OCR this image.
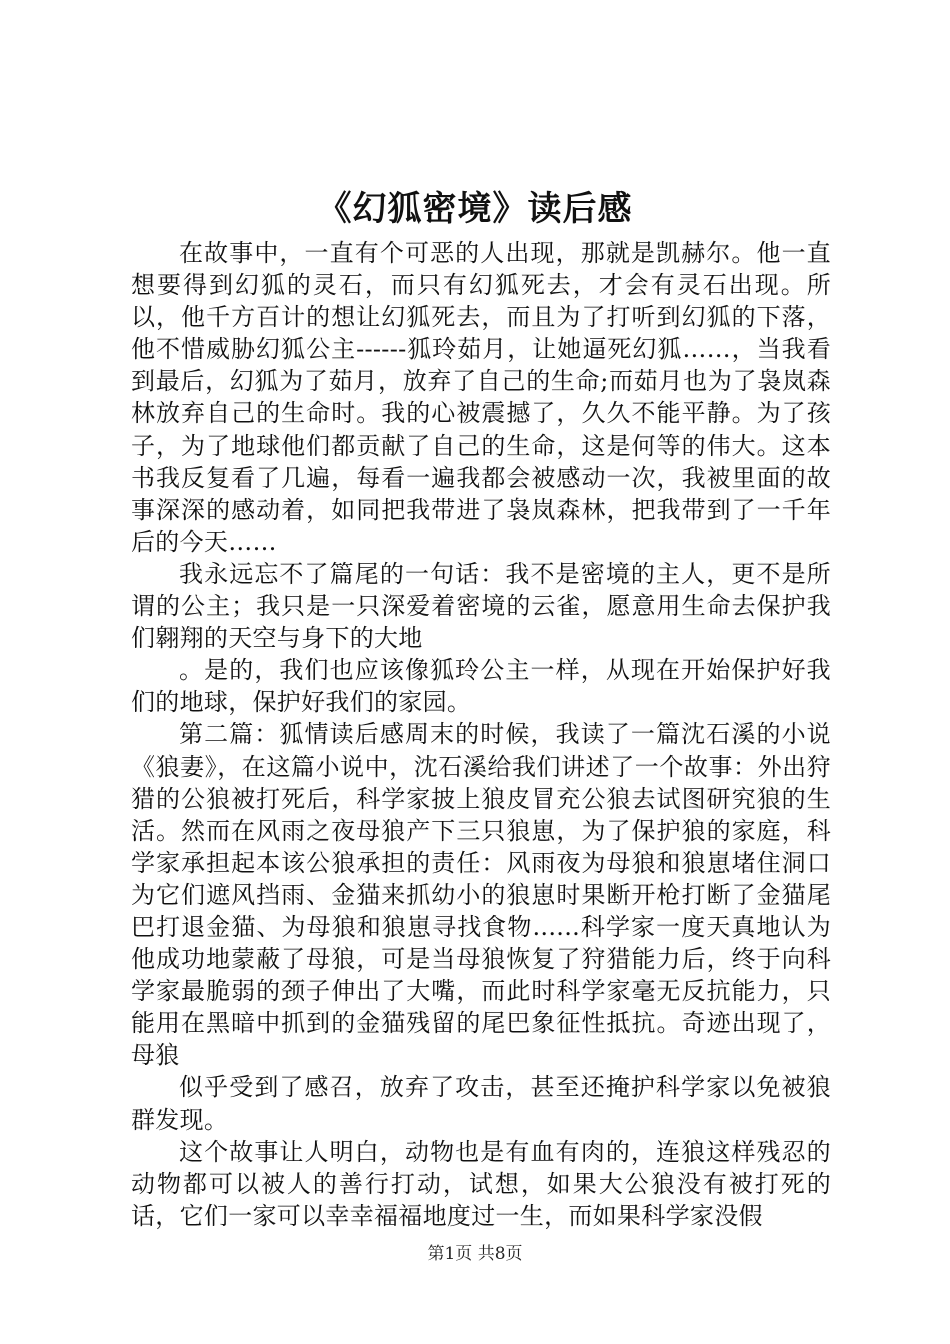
《幻狐密境》读后感

在故事中，一直有个可恶的人出现，那就是凯赫尔。他一直想要得到幻狐的灵石，而只有幻狐死去，才会有灵石出现。所以，他千方百计的想让幻狐死去，而且为了打听到幻狐的下落，他不惜威胁幻狐公主------狐玲茹月，让她逼死幻狐……，当我看到最后，幻狐为了茹月，放弃了自己的生命;而茹月也为了袅岚森林放弃自己的生命时。我的心被震撼了，久久不能平静。为了孩子，为了地球他们都贡献了自己的生命，这是何等的伟大。这本书我反复看了几遍，每看一遍我都会被感动一次，我被里面的故事深深的感动着，如同把我带进了袅岚森林，把我带到了一千年后的今天……

我永远忘不了篇尾的一句话：我不是密境的主人，更不是所谓的公主；我只是一只深爱着密境的云雀，愿意用生命去保护我们翱翔的天空与身下的大地

。是的，我们也应该像狐玲公主一样，从现在开始保护好我们的地球，保护好我们的家园。

第二篇：狐情读后感周末的时候，我读了一篇沈石溪的小说《狼妻》，在这篇小说中，沈石溪给我们讲述了一个故事：外出狩猎的公狼被打死后，科学家披上狼皮冒充公狼去试图研究狼的生活。然而在风雨之夜母狼产下三只狼崽，为了保护狼的家庭，科学家承担起本该公狼承担的责任：风雨夜为母狼和狼崽堵住洞口为它们遮风挡雨、金猫来抓幼小的狼崽时果断开枪打断了金猫尾巴打退金猫、为母狼和狼崽寻找食物......科学家一度天真地认为他成功地蒙蔽了母狼，可是当母狼恢复了狩猎能力后，终于向科学家最脆弱的颈子伸出了大嘴，而此时科学家毫无反抗能力，只能用在黑暗中抓到的金猫残留的尾巴象征性抵抗。奇迹出现了，母狼

似乎受到了感召，放弃了攻击，甚至还掩护科学家以免被狼群发现。

这个故事让人明白，动物也是有血有肉的，连狼这样残忍的动物都可以被人的善行打动，试想，如果大公狼没有被打死的话，它们一家可以幸幸福福地度过一生，而如果科学家没假

第1页 共8页
